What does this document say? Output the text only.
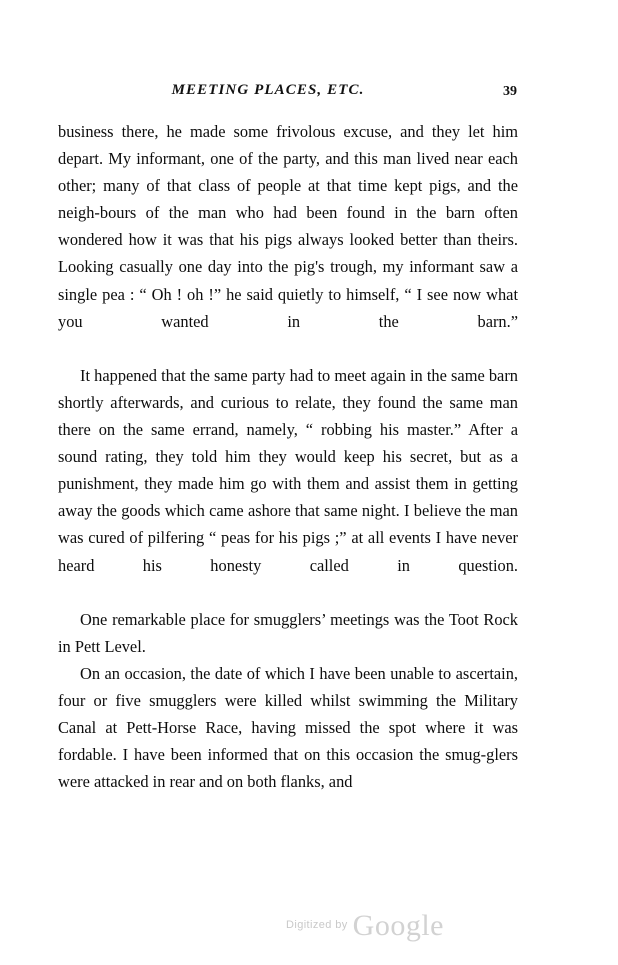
MEETING PLACES, ETC.	39

business there, he made some frivolous excuse, and they let him depart. My informant, one of the party, and this man lived near each other; many of that class of people at that time kept pigs, and the neigh-bours of the man who had been found in the barn often wondered how it was that his pigs always looked better than theirs. Looking casually one day into the pig's trough, my informant saw a single pea : “ Oh ! oh !” he said quietly to himself, “ I see now what you wanted in the barn.”

It happened that the same party had to meet again in the same barn shortly afterwards, and curious to relate, they found the same man there on the same errand, namely, “ robbing his master.” After a sound rating, they told him they would keep his secret, but as a punishment, they made him go with them and assist them in getting away the goods which came ashore that same night. I believe the man was cured of pilfering “ peas for his pigs ;” at all events I have never heard his honesty called in question.

One remarkable place for smugglers’ meetings was the Toot Rock in Pett Level.

On an occasion, the date of which I have been unable to ascertain, four or five smugglers were killed whilst swimming the Military Canal at Pett-Horse Race, having missed the spot where it was fordable. I have been informed that on this occasion the smug-glers were attacked in rear and on both flanks, and

$^{Digitized by}$ Google
